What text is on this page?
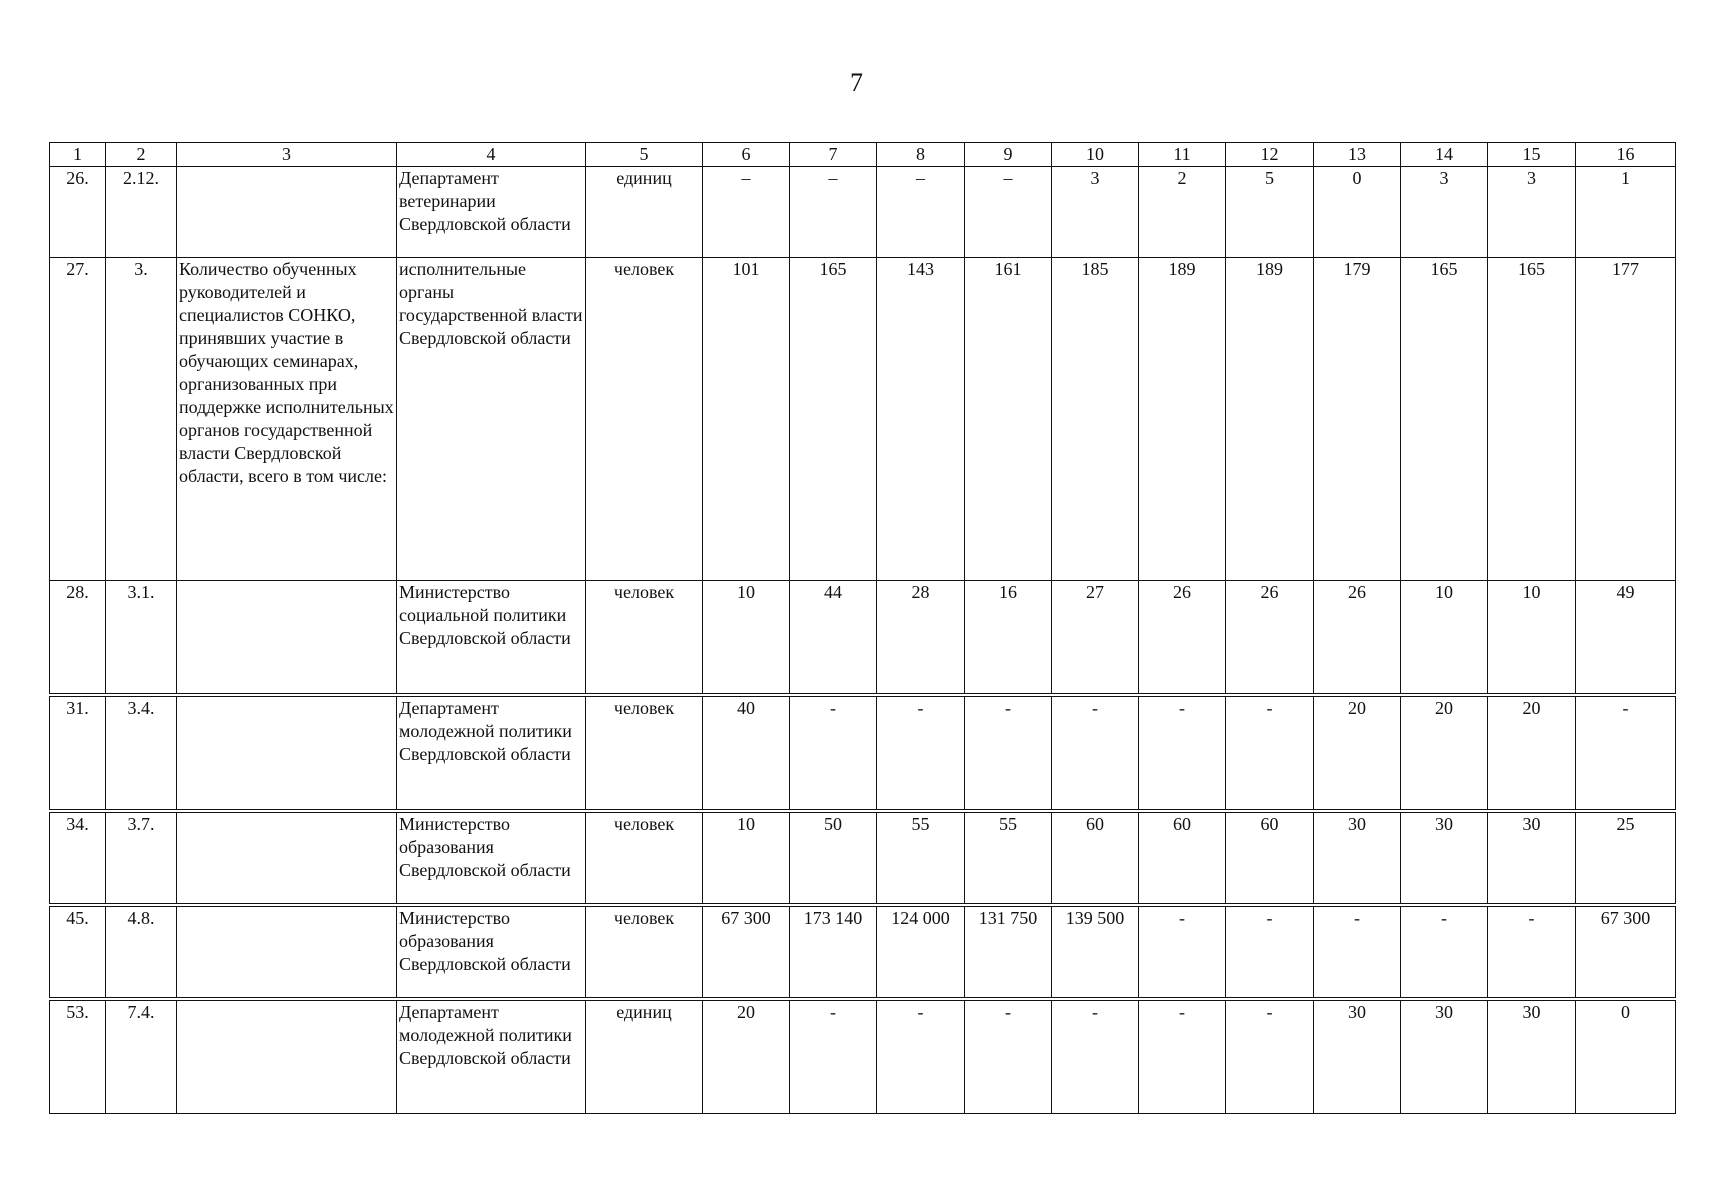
7
1	2	3	4	5	6	7	8	9	10	11	12	13	14	15	16
26.	2.12.		Департамент ветеринарии Свердловской области	единиц	–	–	–	–	3	2	5	0	3	3	1
27.	3.	Количество обученных руководителей и специалистов СОНКО, принявших участие в обучающих семинарах, организованных при поддержке исполнительных органов государственной власти Свердловской области, всего в том числе:	исполнительные органы государственной власти Свердловской области	человек	101	165	143	161	185	189	189	179	165	165	177
28.	3.1.		Министерство социальной политики Свердловской области	человек	10	44	28	16	27	26	26	26	10	10	49
31.	3.4.		Департамент молодежной политики Свердловской области	человек	40	-	-	-	-	-	-	20	20	20	-
34.	3.7.		Министерство образования Свердловской области	человек	10	50	55	55	60	60	60	30	30	30	25
45.	4.8.		Министерство образования Свердловской области	человек	67 300	173 140	124 000	131 750	139 500	-	-	-	-	-	67 300
53.	7.4.		Департамент молодежной политики Свердловской области	единиц	20	-	-	-	-	-	-	30	30	30	0
